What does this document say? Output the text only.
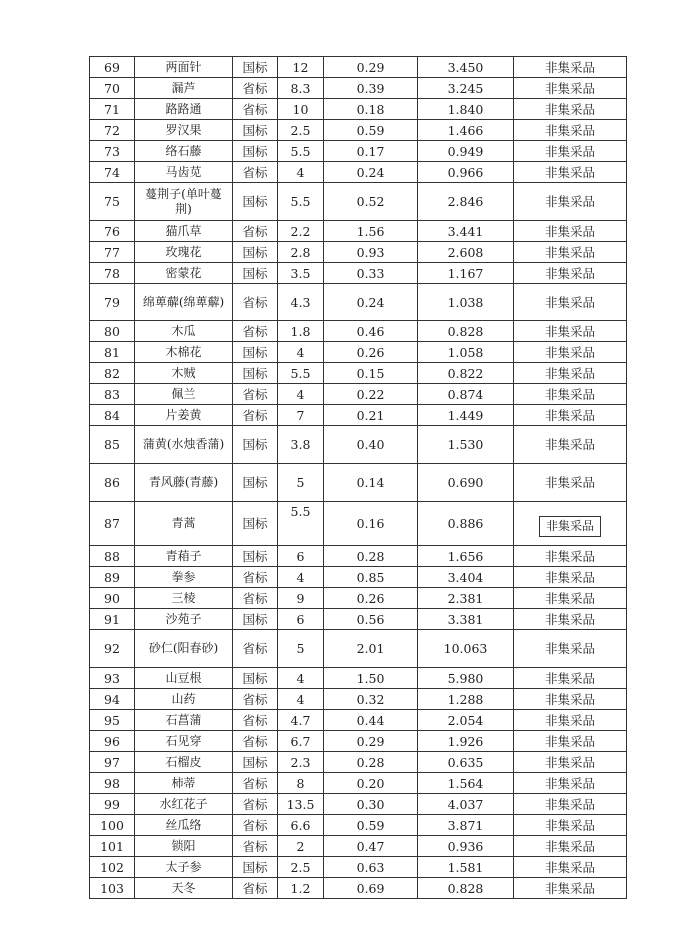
69	两面针	国标	12	0.29	3.450	非集采品
70	漏芦	省标	8.3	0.39	3.245	非集采品
71	路路通	省标	10	0.18	1.840	非集采品
72	罗汉果	国标	2.5	0.59	1.466	非集采品
73	络石藤	国标	5.5	0.17	0.949	非集采品
74	马齿苋	省标	4	0.24	0.966	非集采品
75	蔓荆子(单叶蔓荆)	国标	5.5	0.52	2.846	非集采品
76	猫爪草	省标	2.2	1.56	3.441	非集采品
77	玫瑰花	国标	2.8	0.93	2.608	非集采品
78	密蒙花	国标	3.5	0.33	1.167	非集采品
79	绵萆薢(绵萆薢)	省标	4.3	0.24	1.038	非集采品
80	木瓜	省标	1.8	0.46	0.828	非集采品
81	木棉花	国标	4	0.26	1.058	非集采品
82	木贼	国标	5.5	0.15	0.822	非集采品
83	佩兰	省标	4	0.22	0.874	非集采品
84	片姜黄	省标	7	0.21	1.449	非集采品
85	蒲黄(水烛香蒲)	国标	3.8	0.40	1.530	非集采品
86	青风藤(青藤)	国标	5	0.14	0.690	非集采品
87	青蒿	国标	5.5	0.16	0.886	非集采品
88	青葙子	国标	6	0.28	1.656	非集采品
89	拳参	省标	4	0.85	3.404	非集采品
90	三棱	省标	9	0.26	2.381	非集采品
91	沙苑子	国标	6	0.56	3.381	非集采品
92	砂仁(阳春砂)	省标	5	2.01	10.063	非集采品
93	山豆根	国标	4	1.50	5.980	非集采品
94	山药	省标	4	0.32	1.288	非集采品
95	石菖蒲	省标	4.7	0.44	2.054	非集采品
96	石见穿	省标	6.7	0.29	1.926	非集采品
97	石榴皮	国标	2.3	0.28	0.635	非集采品
98	柿蒂	省标	8	0.20	1.564	非集采品
99	水红花子	省标	13.5	0.30	4.037	非集采品
100	丝瓜络	省标	6.6	0.59	3.871	非集采品
101	锁阳	省标	2	0.47	0.936	非集采品
102	太子参	国标	2.5	0.63	1.581	非集采品
103	天冬	省标	1.2	0.69	0.828	非集采品
